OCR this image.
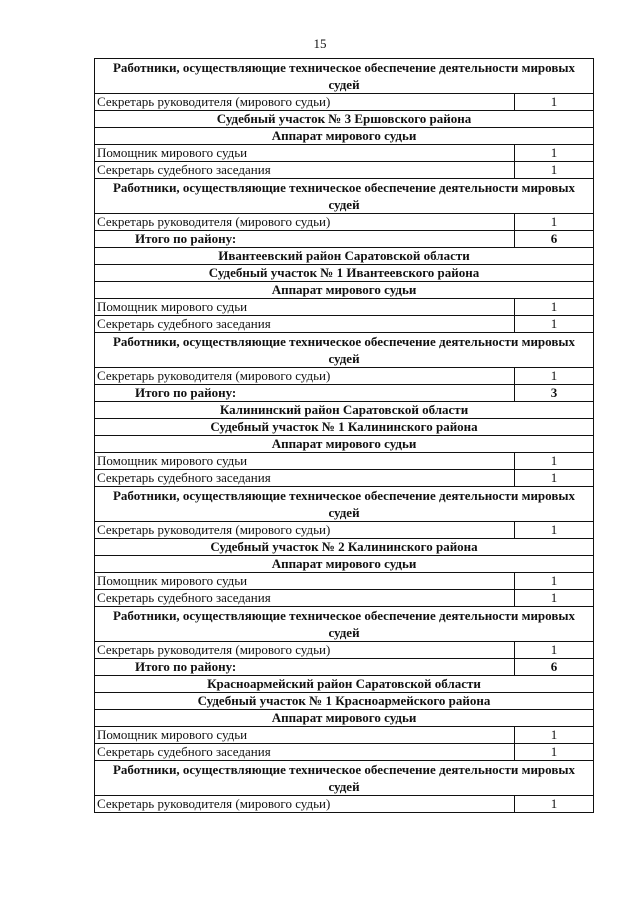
15
Работники, осуществляющие техническое обеспечение деятельности мировых судей	
Секретарь руководителя (мирового судьи)	1
Судебный участок № 3 Ершовского района	
Аппарат мирового судьи	
Помощник мирового судьи	1
Секретарь судебного заседания	1
Работники, осуществляющие техническое обеспечение деятельности мировых судей	
Секретарь руководителя (мирового судьи)	1
Итого по району:	6
Ивантеевский район Саратовской области	
Судебный участок № 1 Ивантеевского района	
Аппарат мирового судьи	
Помощник мирового судьи	1
Секретарь судебного заседания	1
Работники, осуществляющие техническое обеспечение деятельности мировых судей	
Секретарь руководителя (мирового судьи)	1
Итого по району:	3
Калининский район Саратовской области	
Судебный участок № 1 Калининского района	
Аппарат мирового судьи	
Помощник мирового судьи	1
Секретарь судебного заседания	1
Работники, осуществляющие техническое обеспечение деятельности мировых судей	
Секретарь руководителя (мирового судьи)	1
Судебный участок № 2 Калининского района	
Аппарат мирового судьи	
Помощник мирового судьи	1
Секретарь судебного заседания	1
Работники, осуществляющие техническое обеспечение деятельности мировых судей	
Секретарь руководителя (мирового судьи)	1
Итого по району:	6
Красноармейский район Саратовской области	
Судебный участок № 1 Красноармейского района	
Аппарат мирового судьи	
Помощник мирового судьи	1
Секретарь судебного заседания	1
Работники, осуществляющие техническое обеспечение деятельности мировых судей	
Секретарь руководителя (мирового судьи)	1
